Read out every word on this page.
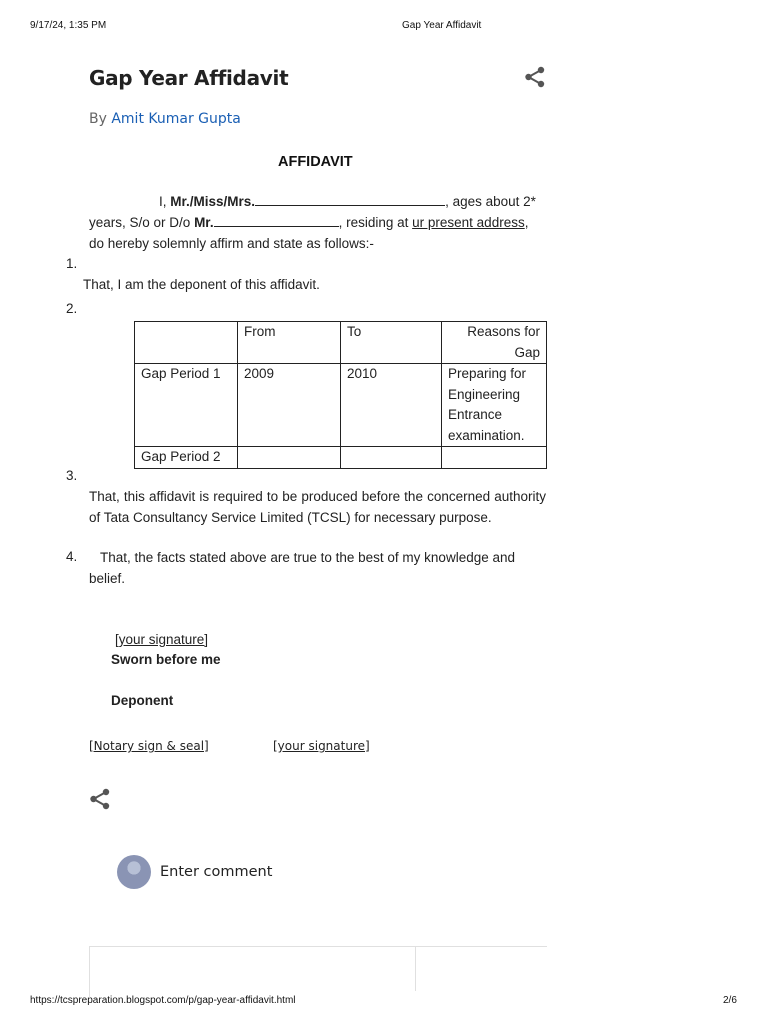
9/17/24, 1:35 PM	Gap Year Affidavit
Gap Year Affidavit
By Amit Kumar Gupta
AFFIDAVIT
I, Mr./Miss/Mrs.	, ages about 2*
years, S/o or D/o Mr.	, residing at ur present address,
do hereby solemnly affirm and state as follows:-
1.
That, I am the deponent of this affidavit.
2.
	From	To	Reasons for Gap
Gap Period 1	2009	2010	Preparing for Engineering Entrance examination.
Gap Period 2			
3.
That, this affidavit is required to be produced before the concerned authority of Tata Consultancy Service Limited (TCSL) for necessary purpose.
4. That, the facts stated above are true to the best of my knowledge and
belief.
[your signature]
Sworn before me
Deponent
[Notary sign & seal]	[your signature]
Enter comment
https://tcspreparation.blogspot.com/p/gap-year-affidavit.html	2/6
